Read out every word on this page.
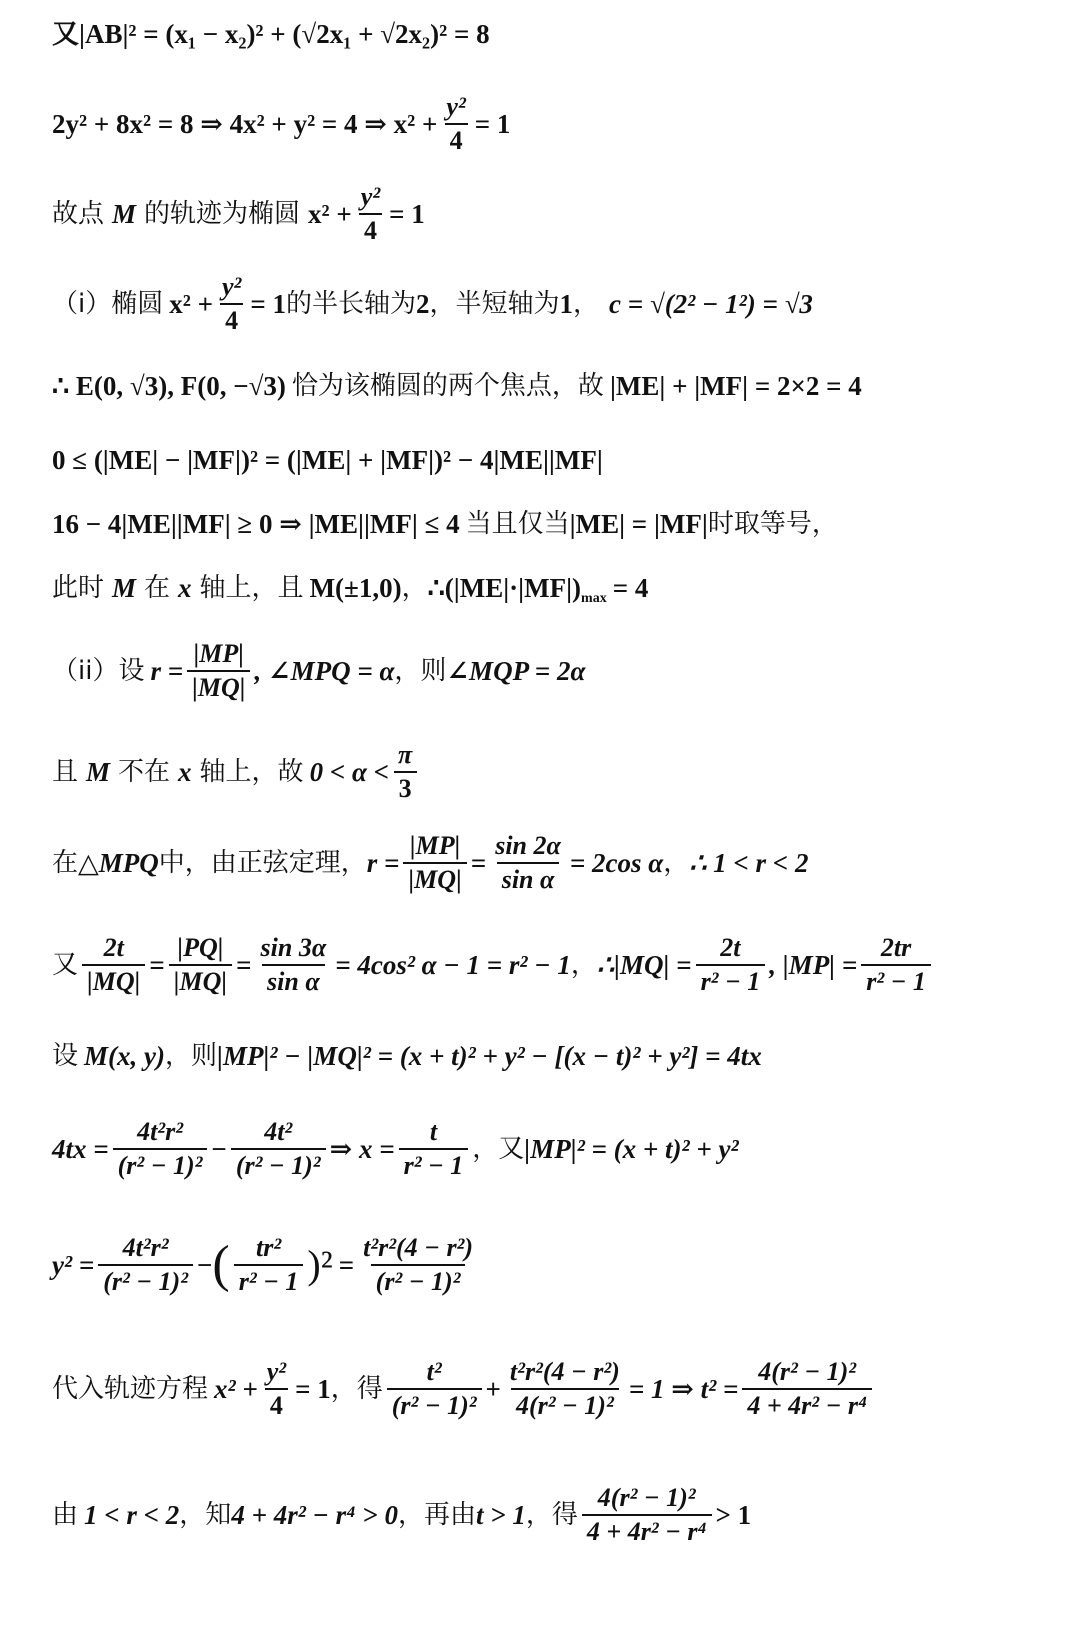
又|AB|² = (x₁ − x₂)² + (√2x₁ + √2x₂)² = 8
2y² + 8x² = 8 ⇒ 4x² + y² = 4 ⇒ $x^2 + \frac{\text{y²}}{4} = 1$
故点 M 的轨迹为椭圆 $x^2 + \frac{\text{y²}}{4} = 1$
（i）椭圆 $x^2 + \frac{\text{y²}}{4} = 1$ 的半长轴为 2 ，半短轴为 1 ， c = √(2² − 1²) = √3
∴ E(0, √3), F(0, −√3) 恰为该椭圆的两个焦点，故 |ME| + |MF| = 2×2 = 4
0 ≤ (|ME| − |MF|)² = (|ME| + |MF|)² − 4|ME||MF|
16 − 4|ME||MF| ≥ 0 ⇒ |ME||MF| ≤ 4 当且仅当 |ME| = |MF| 时取等号，
此时 M 在 x 轴上，且 M(±1,0) ， ∴(|ME|·|MF|) max = 4
（ii）设 $r = \frac{|MP|}{|MQ|}$ , ∠MPQ = α ，则 ∠MQP = 2α
且 M 不在 x 轴上，故 $0 < \alpha < \frac{\pi}{3}$
在 △MPQ 中，由正弦定理， $r = \frac{|MP|}{|MQ|} = \frac{\sin 2\alpha}{\text{sin α}} = 2\cos$ α ， ∴ 1 < r < 2
又 $\frac{2t}{|MQ|} = \frac{|PQ|}{|MQ|} = \frac{\sin 3\alpha}{\text{sin α}} = 4\cos^2$ α − 1 = r² − 1 ， ∴|MQ| = $\frac{2t}{\text{r² − 1}}$ , $|MP| = \frac{2tr}{\text{r² − 1}}$
设 M(x, y) ，则 |MP|² − |MQ|² = (x + t)² + y² − [(x − t)² + y²] = 4tx
$4tx = \frac{\text{4t²r²}}{\text{(r² − 1)²}} - \frac{\text{4t²}}{\text{(r² − 1)²}}$ ⇒ $x = \frac{t}{\text{r² − 1}}$ ，又 |MP|² = (x + t)² + y²
$y^2 = \frac{\text{4t²r²}}{\text{(r² − 1)²}}$ − ( $\frac{\text{tr²}}{\text{r² − 1}} )^2 = \frac{\text{t²r²(4 − r²)}}{\text{(r² − 1)²}}$
代入轨迹方程 $x^2 + \frac{\text{y²}}{4} = 1$ ，得 $\frac{\text{t²}}{\text{(r² − 1)²}} + \frac{\text{t²r²(4 − r²)}}{\text{4(r² − 1)²}} = 1$ ⇒ $t^2 = \frac{\text{4(r² − 1)²}}{\text{4 + 4r² − r⁴}}$
由 1 < r < 2 ，知 4 + 4r² − r⁴ > 0 ，再由 t > 1 ，得 $\frac{\text{4(r² − 1)²}}{\text{4 + 4r² − r⁴}} > 1$
